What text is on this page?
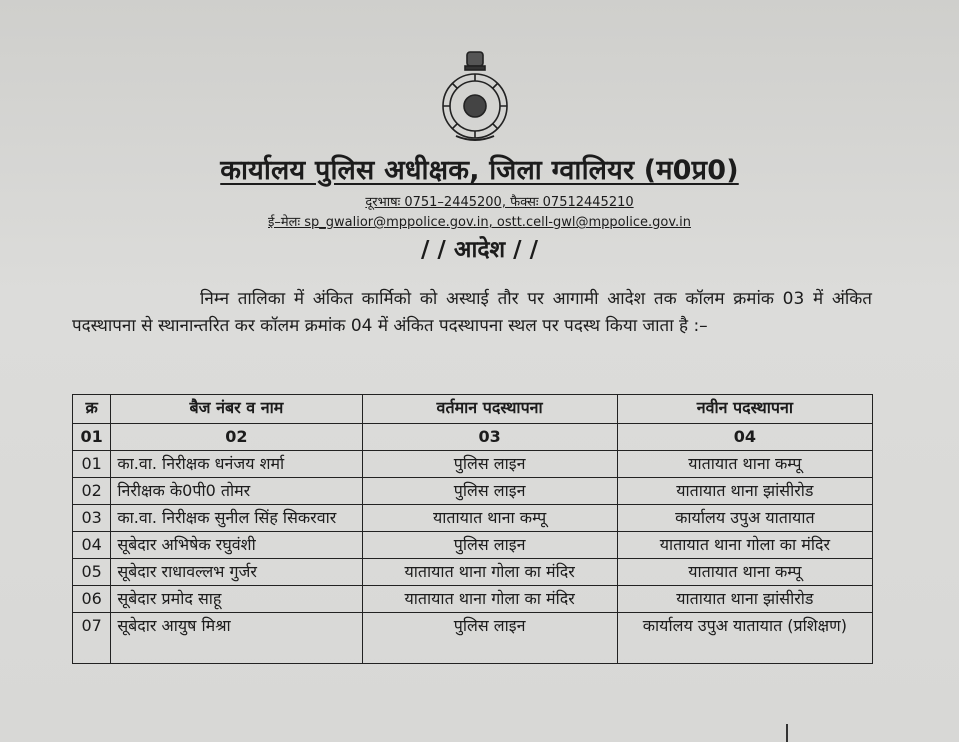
कार्यालय पुलिस अधीक्षक, जिला ग्वालियर (म0प्र0)
दूरभाषः 0751–2445200, फैक्सः 07512445210
ई–मेलः sp_gwalior@mppolice.gov.in, ostt.cell-gwl@mppolice.gov.in
/ / आदेश / /
निम्न तालिका में अंकित कार्मिको को अस्थाई तौर पर आगामी आदेश तक कॉलम क्रमांक 03 में अंकित पदस्थापना से स्थानान्तरित कर कॉलम क्रमांक 04 में अंकित पदस्थापना स्थल पर पदस्थ किया जाता है :–
क्र	बैज नंबर व नाम	वर्तमान पदस्थापना	नवीन पदस्थापना
01	02	03	04
01	का.वा. निरीक्षक धनंजय शर्मा	पुलिस लाइन	यातायात थाना कम्पू
02	निरीक्षक के0पी0 तोमर	पुलिस लाइन	यातायात थाना झांसीरोड
03	का.वा. निरीक्षक सुनील सिंह सिकरवार	यातायात थाना कम्पू	कार्यालय उपुअ यातायात
04	सूबेदार अभिषेक रघुवंशी	पुलिस लाइन	यातायात थाना गोला का मंदिर
05	सूबेदार राधावल्लभ गुर्जर	यातायात थाना गोला का मंदिर	यातायात थाना कम्पू
06	सूबेदार प्रमोद साहू	यातायात थाना गोला का मंदिर	यातायात थाना झांसीरोड
07	सूबेदार आयुष मिश्रा	पुलिस लाइन	कार्यालय उपुअ यातायात (प्रशिक्षण)
